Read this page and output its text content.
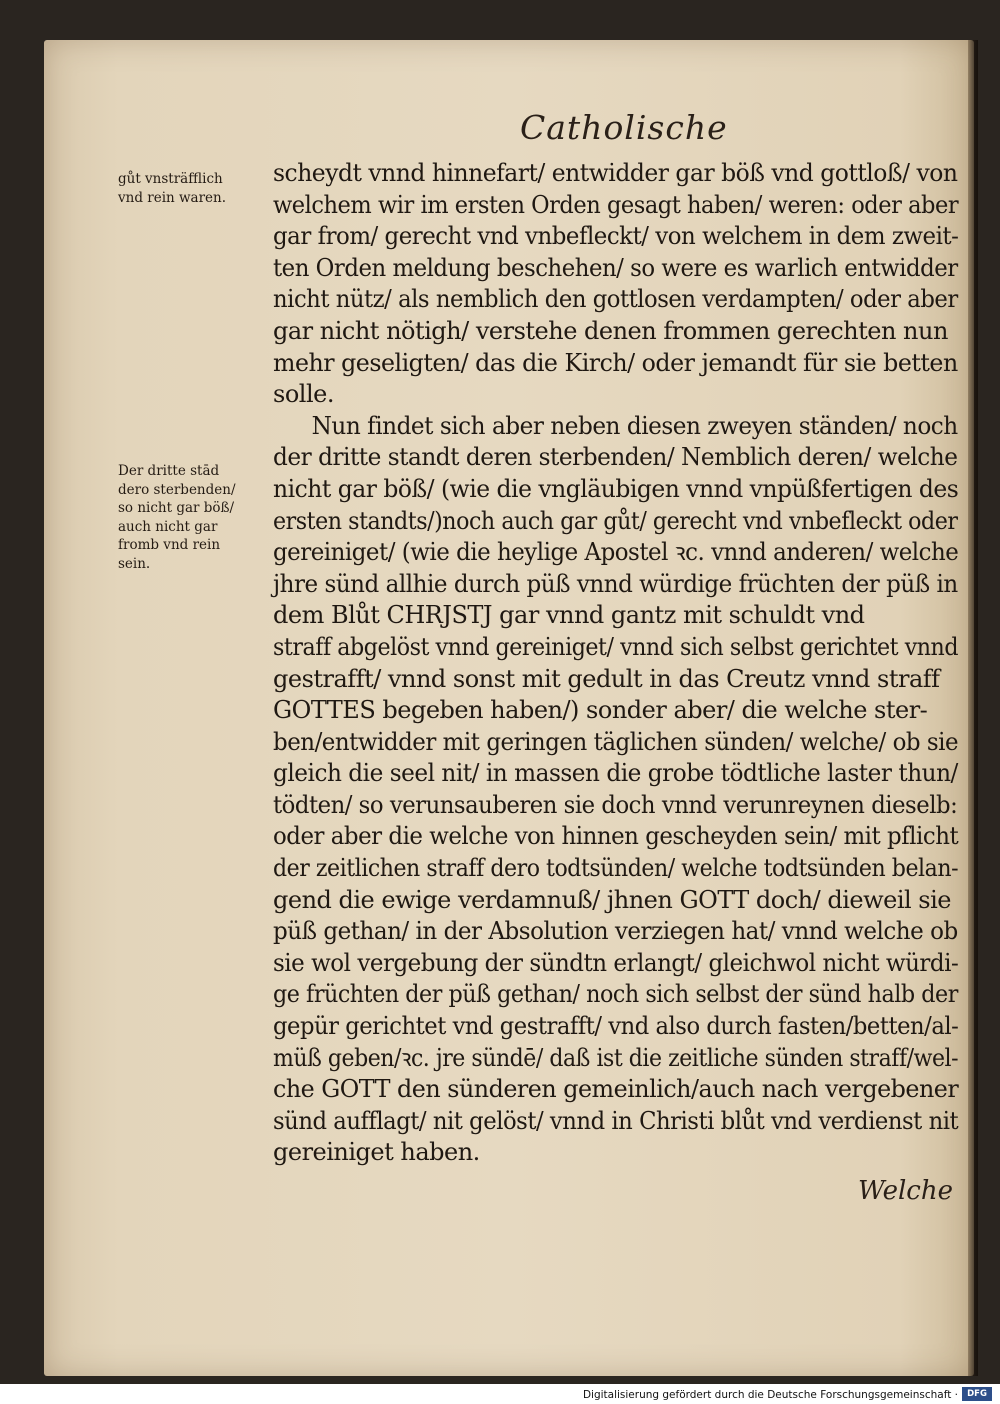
Catholische
gůt vnsträfflich
vnd rein waren.
Der dritte stād
dero sterbenden/
so nicht gar böß/
auch nicht gar
fromb vnd rein
sein.
scheydt vnnd hinnefart/ entwidder gar böß vnd gottloß/ von
welchem wir im ersten Orden gesagt haben/ weren: oder aber
gar from/ gerecht vnd vnbefleckt/ von welchem in dem zweit-
ten Orden meldung beschehen/ so were es warlich entwidder
nicht nütz/ als nemblich den gottlosen verdampten/ oder aber
gar nicht nötigh/ verstehe denen frommen gerechten nun
mehr geseligten/ das die Kirch/ oder jemandt für sie betten
solle.
Nun findet sich aber neben diesen zweyen ständen/ noch
der dritte standt deren sterbenden/ Nemblich deren/ welche
nicht gar böß/ (wie die vngläubigen vnnd vnpüßfertigen des
ersten standts/)noch auch gar gůt/ gerecht vnd vnbefleckt oder
gereiniget/ (wie die heylige Apostel ꝛc. vnnd anderen/ welche
jhre sünd allhie durch püß vnnd würdige früchten der püß in
dem Blůt CHRJSTJ gar vnnd gantz mit schuldt vnd
straff abgelöst vnnd gereiniget/ vnnd sich selbst gerichtet vnnd
gestrafft/ vnnd sonst mit gedult in das Creutz vnnd straff
GOTTES begeben haben/) sonder aber/ die welche ster-
ben/entwidder mit geringen täglichen sünden/ welche/ ob sie
gleich die seel nit/ in massen die grobe tödtliche laster thun/
tödten/ so verunsauberen sie doch vnnd verunreynen dieselb:
oder aber die welche von hinnen gescheyden sein/ mit pflicht
der zeitlichen straff dero todtsünden/ welche todtsünden belan-
gend die ewige verdamnuß/ jhnen GOTT doch/ dieweil sie
püß gethan/ in der Absolution verziegen hat/ vnnd welche ob
sie wol vergebung der sündtn erlangt/ gleichwol nicht würdi-
ge früchten der püß gethan/ noch sich selbst der sünd halb der
gepür gerichtet vnd gestrafft/ vnd also durch fasten/betten/al-
müß geben/ꝛc. jre sündē/ daß ist die zeitliche sünden straff/wel-
che GOTT den sünderen gemeinlich/auch nach vergebener
sünd aufflagt/ nit gelöst/ vnnd in Christi blůt vnd verdienst nit
gereiniget haben.
Welche
Digitalisierung gefördert durch die Deutsche Forschungsgemeinschaft ·	DFG
